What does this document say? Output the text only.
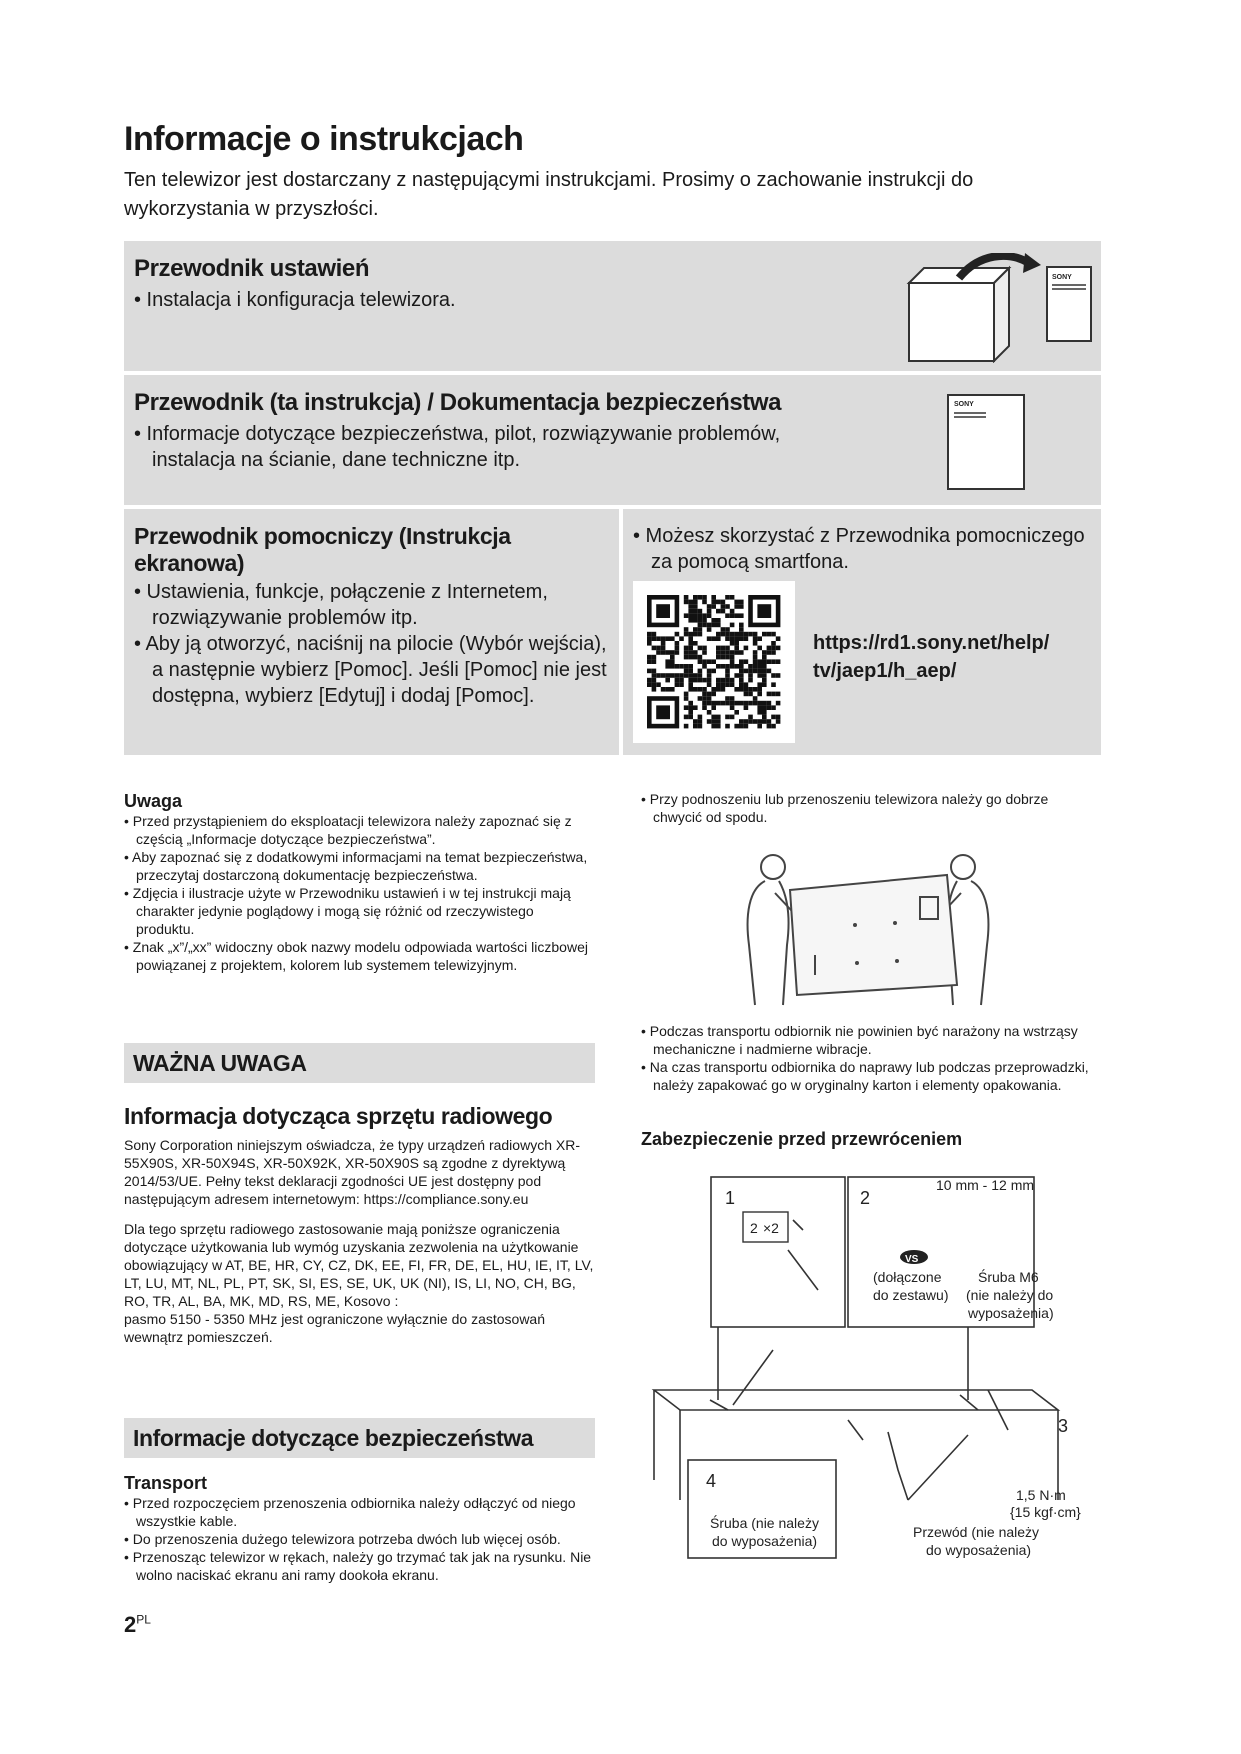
Informacje o instrukcjach
Ten telewizor jest dostarczany z następującymi instrukcjami. Prosimy o zachowanie instrukcji do wykorzystania w przyszłości.
Przewodnik ustawień

• Instalacja i konfiguracja telewizora.

SONY
Przewodnik (ta instrukcja) / Dokumentacja bezpieczeństwa

• Informacje dotyczące bezpieczeństwa, pilot, rozwiązywanie problemów, instalacja na ścianie, dane techniczne itp.

SONY
Przewodnik pomocniczy (Instrukcja ekranowa)

• Ustawienia, funkcje, połączenie z Internetem, rozwiązywanie problemów itp.

• Aby ją otworzyć, naciśnij na pilocie (Wybór wejścia), a następnie wybierz [Pomoc]. Jeśli [Pomoc] nie jest dostępna, wybierz [Edytuj] i dodaj [Pomoc].

• Możesz skorzystać z Przewodnika pomocniczego za pomocą smartfona.

https://rd1.sony.net/help/
tv/jaep1/h_aep/
Uwaga

• Przed przystąpieniem do eksploatacji telewizora należy zapoznać się z częścią „Informacje dotyczące bezpieczeństwa”.

• Aby zapoznać się z dodatkowymi informacjami na temat bezpieczeństwa, przeczytaj dostarczoną dokumentację bezpieczeństwa.

• Zdjęcia i ilustracje użyte w Przewodniku ustawień i w tej instrukcji mają charakter jedynie poglądowy i mogą się różnić od rzeczywistego produktu.

• Znak „x”/„xx” widoczny obok nazwy modelu odpowiada wartości liczbowej powiązanej z projektem, kolorem lub systemem telewizyjnym.

WAŻNA UWAGA
Informacja dotycząca sprzętu radiowego

Sony Corporation niniejszym oświadcza, że typy urządzeń radiowych XR-55X90S, XR-50X94S, XR-50X92K, XR-50X90S są zgodne z dyrektywą 2014/53/UE. Pełny tekst deklaracji zgodności UE jest dostępny pod następującym adresem internetowym: https://compliance.sony.eu

Dla tego sprzętu radiowego zastosowanie mają poniższe ograniczenia dotyczące użytkowania lub wymóg uzyskania zezwolenia na użytkowanie obowiązujący w AT, BE, HR, CY, CZ, DK, EE, FI, FR, DE, EL, HU, IE, IT, LV, LT, LU, MT, NL, PL, PT, SK, SI, ES, SE, UK, UK (NI), IS, LI, NO, CH, BG, RO, TR, AL, BA, MK, MD, RS, ME, Kosovo :

pasmo 5150 - 5350 MHz jest ograniczone wyłącznie do zastosowań wewnątrz pomieszczeń.

Informacje dotyczące bezpieczeństwa
Transport

• Przed rozpoczęciem przenoszenia odbiornika należy odłączyć od niego wszystkie kable.

• Do przenoszenia dużego telewizora potrzeba dwóch lub więcej osób.

• Przenosząc telewizor w rękach, należy go trzymać tak jak na rysunku. Nie wolno naciskać ekranu ani ramy dookoła ekranu.

$2^{PL}$

• Przy podnoszeniu lub przenoszeniu telewizora należy go dobrze chwycić od spodu.

• Podczas transportu odbiornik nie powinien być narażony na wstrząsy mechaniczne i nadmierne wibracje.

• Na czas transportu odbiornika do naprawy lub podczas przeprowadzki, należy zapakować go w oryginalny karton i elementy opakowania.

Zabezpieczenie przed przewróceniem
1	2
3
4
2 ×2
10 mm - 12 mm
VS
(dołączone
do zestawu)
Śruba M6
(nie należy do
wyposażenia)
1,5 N·m
{15 kgf·cm}
Śruba (nie należy
do wyposażenia)
Przewód (nie należy
do wyposażenia)
